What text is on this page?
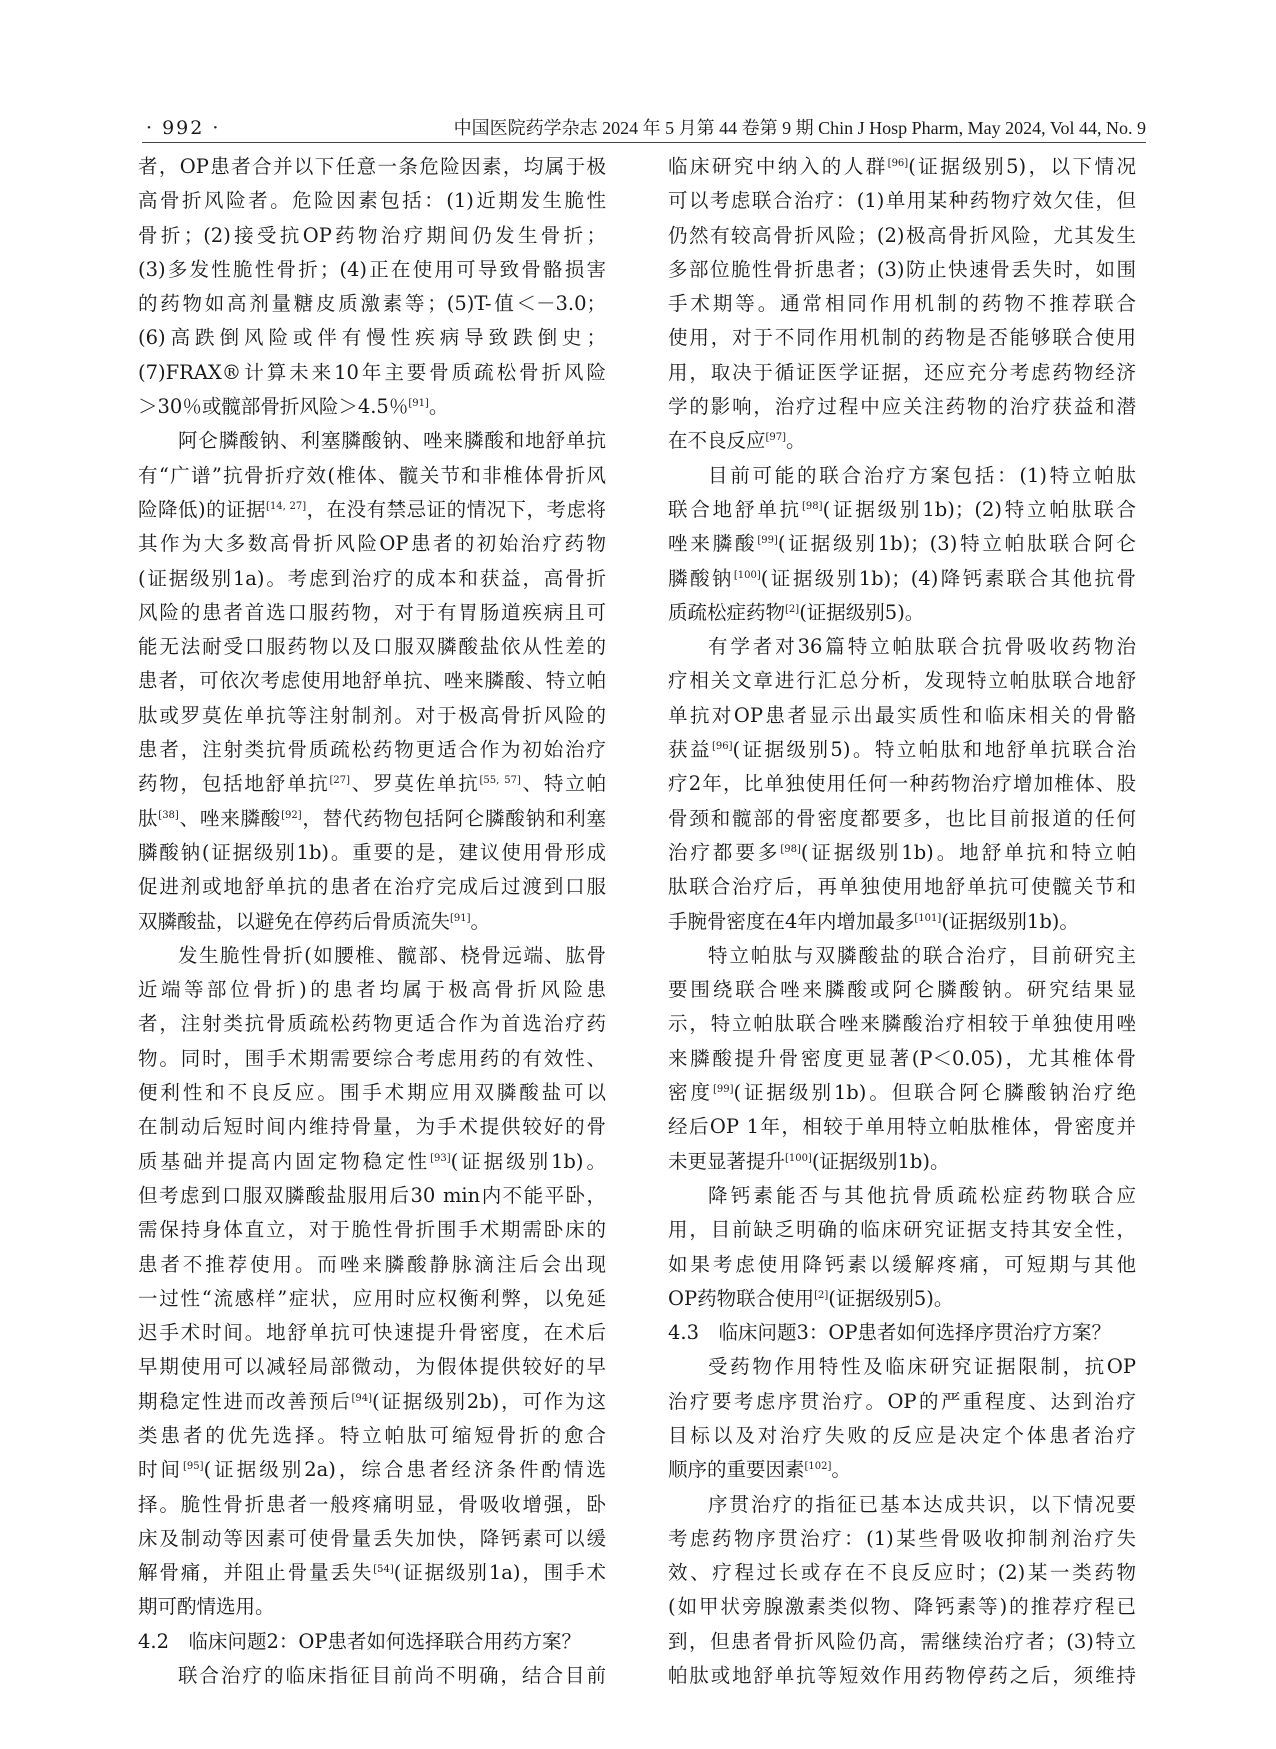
· 992 ·	中国医院药学杂志 2024 年 5 月第 44 卷第 9 期 Chin J Hosp Pharm, May 2024, Vol 44, No. 9
者，OP患者合并以下任意一条危险因素，均属于极
高骨折风险者。危险因素包括：(1)近期发生脆性
骨折；(2)接受抗OP药物治疗期间仍发生骨折；
(3)多发性脆性骨折；(4)正在使用可导致骨骼损害
的药物如高剂量糖皮质激素等；(5)T-值＜－3.0；
(6)高跌倒风险或伴有慢性疾病导致跌倒史；
(7)FRAX®计算未来10年主要骨质疏松骨折风险
＞30％或髋部骨折风险＞4.5％[91]。
阿仑膦酸钠、利塞膦酸钠、唑来膦酸和地舒单抗
有“广谱”抗骨折疗效(椎体、髋关节和非椎体骨折风
险降低)的证据[14, 27]，在没有禁忌证的情况下，考虑将
其作为大多数高骨折风险OP患者的初始治疗药物
(证据级别1a)。考虑到治疗的成本和获益，高骨折
风险的患者首选口服药物，对于有胃肠道疾病且可
能无法耐受口服药物以及口服双膦酸盐依从性差的
患者，可依次考虑使用地舒单抗、唑来膦酸、特立帕
肽或罗莫佐单抗等注射制剂。对于极高骨折风险的
患者，注射类抗骨质疏松药物更适合作为初始治疗
药物，包括地舒单抗[27]、罗莫佐单抗[55, 57]、特立帕
肽[38]、唑来膦酸[92]，替代药物包括阿仑膦酸钠和利塞
膦酸钠(证据级别1b)。重要的是，建议使用骨形成
促进剂或地舒单抗的患者在治疗完成后过渡到口服
双膦酸盐，以避免在停药后骨质流失[91]。
发生脆性骨折(如腰椎、髋部、桡骨远端、肱骨
近端等部位骨折)的患者均属于极高骨折风险患
者，注射类抗骨质疏松药物更适合作为首选治疗药
物。同时，围手术期需要综合考虑用药的有效性、
便利性和不良反应。围手术期应用双膦酸盐可以
在制动后短时间内维持骨量，为手术提供较好的骨
质基础并提高内固定物稳定性[93](证据级别1b)。
但考虑到口服双膦酸盐服用后30 min内不能平卧，
需保持身体直立，对于脆性骨折围手术期需卧床的
患者不推荐使用。而唑来膦酸静脉滴注后会出现
一过性“流感样”症状，应用时应权衡利弊，以免延
迟手术时间。地舒单抗可快速提升骨密度，在术后
早期使用可以减轻局部微动，为假体提供较好的早
期稳定性进而改善预后[94](证据级别2b)，可作为这
类患者的优先选择。特立帕肽可缩短骨折的愈合
时间[95](证据级别2a)，综合患者经济条件酌情选
择。脆性骨折患者一般疼痛明显，骨吸收增强，卧
床及制动等因素可使骨量丢失加快，降钙素可以缓
解骨痛，并阻止骨量丢失[54](证据级别1a)，围手术
期可酌情选用。
4.2　临床问题2：OP患者如何选择联合用药方案？
联合治疗的临床指征目前尚不明确，结合目前
临床研究中纳入的人群[96](证据级别5)，以下情况
可以考虑联合治疗：(1)单用某种药物疗效欠佳，但
仍然有较高骨折风险；(2)极高骨折风险，尤其发生
多部位脆性骨折患者；(3)防止快速骨丢失时，如围
手术期等。通常相同作用机制的药物不推荐联合
使用，对于不同作用机制的药物是否能够联合使用
用，取决于循证医学证据，还应充分考虑药物经济
学的影响，治疗过程中应关注药物的治疗获益和潜
在不良反应[97]。
目前可能的联合治疗方案包括：(1)特立帕肽
联合地舒单抗[98](证据级别1b)；(2)特立帕肽联合
唑来膦酸[99](证据级别1b)；(3)特立帕肽联合阿仑
膦酸钠[100](证据级别1b)；(4)降钙素联合其他抗骨
质疏松症药物[2](证据级别5)。
有学者对36篇特立帕肽联合抗骨吸收药物治
疗相关文章进行汇总分析，发现特立帕肽联合地舒
单抗对OP患者显示出最实质性和临床相关的骨骼
获益[96](证据级别5)。特立帕肽和地舒单抗联合治
疗2年，比单独使用任何一种药物治疗增加椎体、股
骨颈和髋部的骨密度都要多，也比目前报道的任何
治疗都要多[98](证据级别1b)。地舒单抗和特立帕
肽联合治疗后，再单独使用地舒单抗可使髋关节和
手腕骨密度在4年内增加最多[101](证据级别1b)。
特立帕肽与双膦酸盐的联合治疗，目前研究主
要围绕联合唑来膦酸或阿仑膦酸钠。研究结果显
示，特立帕肽联合唑来膦酸治疗相较于单独使用唑
来膦酸提升骨密度更显著(P＜0.05)，尤其椎体骨
密度[99](证据级别1b)。但联合阿仑膦酸钠治疗绝
经后OP 1年，相较于单用特立帕肽椎体，骨密度并
未更显著提升[100](证据级别1b)。
降钙素能否与其他抗骨质疏松症药物联合应
用，目前缺乏明确的临床研究证据支持其安全性，
如果考虑使用降钙素以缓解疼痛，可短期与其他
OP药物联合使用[2](证据级别5)。
4.3　临床问题3：OP患者如何选择序贯治疗方案？
受药物作用特性及临床研究证据限制，抗OP
治疗要考虑序贯治疗。OP的严重程度、达到治疗
目标以及对治疗失败的反应是决定个体患者治疗
顺序的重要因素[102]。
序贯治疗的指征已基本达成共识，以下情况要
考虑药物序贯治疗：(1)某些骨吸收抑制剂治疗失
效、疗程过长或存在不良反应时；(2)某一类药物
(如甲状旁腺激素类似物、降钙素等)的推荐疗程已
到，但患者骨折风险仍高，需继续治疗者；(3)特立
帕肽或地舒单抗等短效作用药物停药之后，须维持
